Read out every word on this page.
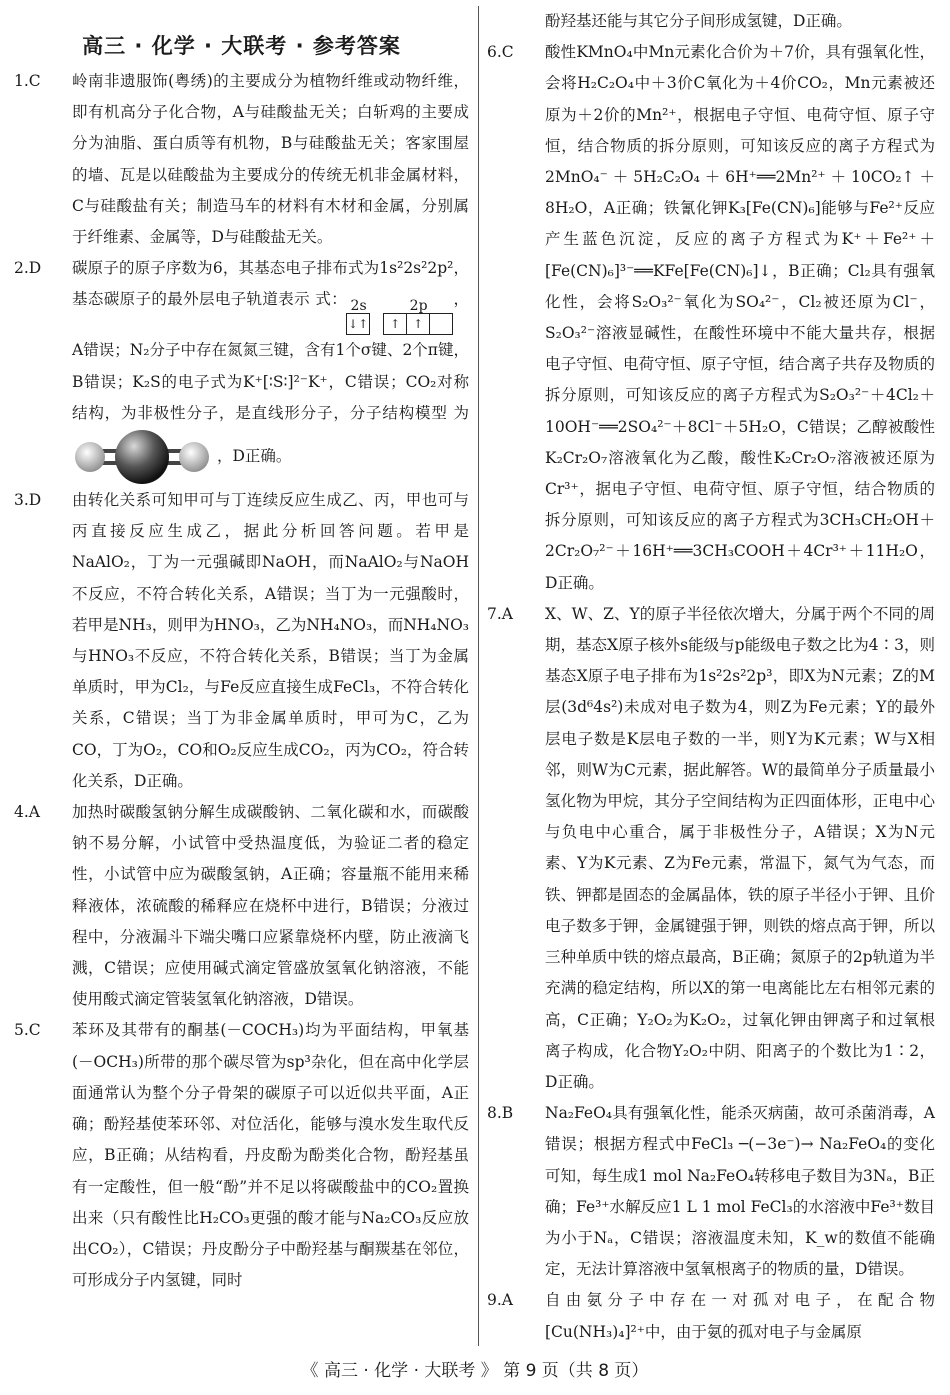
高三 · 化学 · 大联考 · 参考答案
1.C	岭南非遗服饰(粤绣)的主要成分为植物纤维或动物纤维，即有机高分子化合物，A与硅酸盐无关；白斩鸡的主要成分为油脂、蛋白质等有机物，B与硅酸盐无关；客家围屋的墙、瓦是以硅酸盐为主要成分的传统无机非金属材料，C与硅酸盐有关；制造马车的材料有木材和金属，分别属于纤维素、金属等，D与硅酸盐无关。
2.D	碳原子的原子序数为6，其基态电子排布式为1s²2s²2p²，基态碳原子的最外层电子轨道表示 式： 2s
↓↑
2p
↑	↑
，A错误；N₂分子中存在氮氮三键，含有1个σ键、2个π键，B错误；K₂S的电子式为K⁺[∶S∶]²⁻K⁺，C错误；CO₂对称结构，为非极性分子，是直线形分子，分子结构模型 为  ，D正确。
3.D	由转化关系可知甲可与丁连续反应生成乙、丙，甲也可与丙直接反应生成乙，据此分析回答问题。若甲是NaAlO₂，丁为一元强碱即NaOH，而NaAlO₂与NaOH不反应，不符合转化关系，A错误；当丁为一元强酸时，若甲是NH₃，则甲为HNO₃，乙为NH₄NO₃，而NH₄NO₃与HNO₃不反应，不符合转化关系，B错误；当丁为金属单质时，甲为Cl₂，与Fe反应直接生成FeCl₃，不符合转化关系，C错误；当丁为非金属单质时，甲可为C，乙为CO，丁为O₂，CO和O₂反应生成CO₂，丙为CO₂，符合转化关系，D正确。
4.A	加热时碳酸氢钠分解生成碳酸钠、二氧化碳和水，而碳酸钠不易分解，小试管中受热温度低，为验证二者的稳定性，小试管中应为碳酸氢钠，A正确；容量瓶不能用来稀释液体，浓硫酸的稀释应在烧杯中进行，B错误；分液过程中，分液漏斗下端尖嘴口应紧靠烧杯内壁，防止液滴飞溅，C错误；应使用碱式滴定管盛放氢氧化钠溶液，不能使用酸式滴定管装氢氧化钠溶液，D错误。
5.C	苯环及其带有的酮基(－COCH₃)均为平面结构，甲氧基(－OCH₃)所带的那个碳尽管为sp³杂化，但在高中化学层面通常认为整个分子骨架的碳原子可以近似共平面，A正确；酚羟基使苯环邻、对位活化，能够与溴水发生取代反应，B正确；从结构看，丹皮酚为酚类化合物，酚羟基虽有一定酸性，但一般“酚”并不足以将碳酸盐中的CO₂置换出来（只有酸性比H₂CO₃更强的酸才能与Na₂CO₃反应放出CO₂），C错误；丹皮酚分子中酚羟基与酮羰基在邻位，可形成分子内氢键，同时
酚羟基还能与其它分子间形成氢键，D正确。
6.C	酸性KMnO₄中Mn元素化合价为＋7价，具有强氧化性，会将H₂C₂O₄中＋3价C氧化为＋4价CO₂，Mn元素被还原为＋2价的Mn²⁺，根据电子守恒、电荷守恒、原子守恒，结合物质的拆分原则，可知该反应的离子方程式为2MnO₄⁻＋5H₂C₂O₄＋6H⁺══2Mn²⁺＋10CO₂↑＋8H₂O，A正确；铁氰化钾K₃[Fe(CN)₆]能够与Fe²⁺反应产生蓝色沉淀，反应的离子方程式为K⁺＋Fe²⁺＋[Fe(CN)₆]³⁻══KFe[Fe(CN)₆]↓，B正确；Cl₂具有强氧化性，会将S₂O₃²⁻氧化为SO₄²⁻，Cl₂被还原为Cl⁻，S₂O₃²⁻溶液显碱性，在酸性环境中不能大量共存，根据电子守恒、电荷守恒、原子守恒，结合离子共存及物质的拆分原则，可知该反应的离子方程式为S₂O₃²⁻＋4Cl₂＋10OH⁻══2SO₄²⁻＋8Cl⁻＋5H₂O，C错误；乙醇被酸性K₂Cr₂O₇溶液氧化为乙酸，酸性K₂Cr₂O₇溶液被还原为Cr³⁺，据电子守恒、电荷守恒、原子守恒，结合物质的拆分原则，可知该反应的离子方程式为3CH₃CH₂OH＋2Cr₂O₇²⁻＋16H⁺══3CH₃COOH＋4Cr³⁺＋11H₂O，D正确。
7.A	X、W、Z、Y的原子半径依次增大，分属于两个不同的周期，基态X原子核外s能级与p能级电子数之比为4∶3，则基态X原子电子排布为1s²2s²2p³，即X为N元素；Z的M层(3d⁶4s²)未成对电子数为4，则Z为Fe元素；Y的最外层电子数是K层电子数的一半，则Y为K元素；W与X相邻，则W为C元素，据此解答。W的最简单分子质量最小氢化物为甲烷，其分子空间结构为正四面体形，正电中心与负电中心重合，属于非极性分子，A错误；X为N元素、Y为K元素、Z为Fe元素，常温下，氮气为气态，而铁、钾都是固态的金属晶体，铁的原子半径小于钾、且价电子数多于钾，金属键强于钾，则铁的熔点高于钾，所以三种单质中铁的熔点最高，B正确；氮原子的2p轨道为半充满的稳定结构，所以X的第一电离能比左右相邻元素的高，C正确；Y₂O₂为K₂O₂，过氧化钾由钾离子和过氧根离子构成，化合物Y₂O₂中阴、阳离子的个数比为1∶2，D正确。
8.B	Na₂FeO₄具有强氧化性，能杀灭病菌，故可杀菌消毒，A错误；根据方程式中FeCl₃ ─(−3e⁻)→ Na₂FeO₄的变化可知，每生成1 mol Na₂FeO₄转移电子数目为3Nₐ，B正确；Fe³⁺水解反应1 L 1 mol FeCl₃的水溶液中Fe³⁺数目为小于Nₐ，C错误；溶液温度未知，K_w的数值不能确定，无法计算溶液中氢氧根离子的物质的量，D错误。
9.A	自由氨分子中存在一对孤对电子，在配合物[Cu(NH₃)₄]²⁺中，由于氨的孤对电子与金属原
《 高三 · 化学 · 大联考 》 第 9 页（共 8 页）
